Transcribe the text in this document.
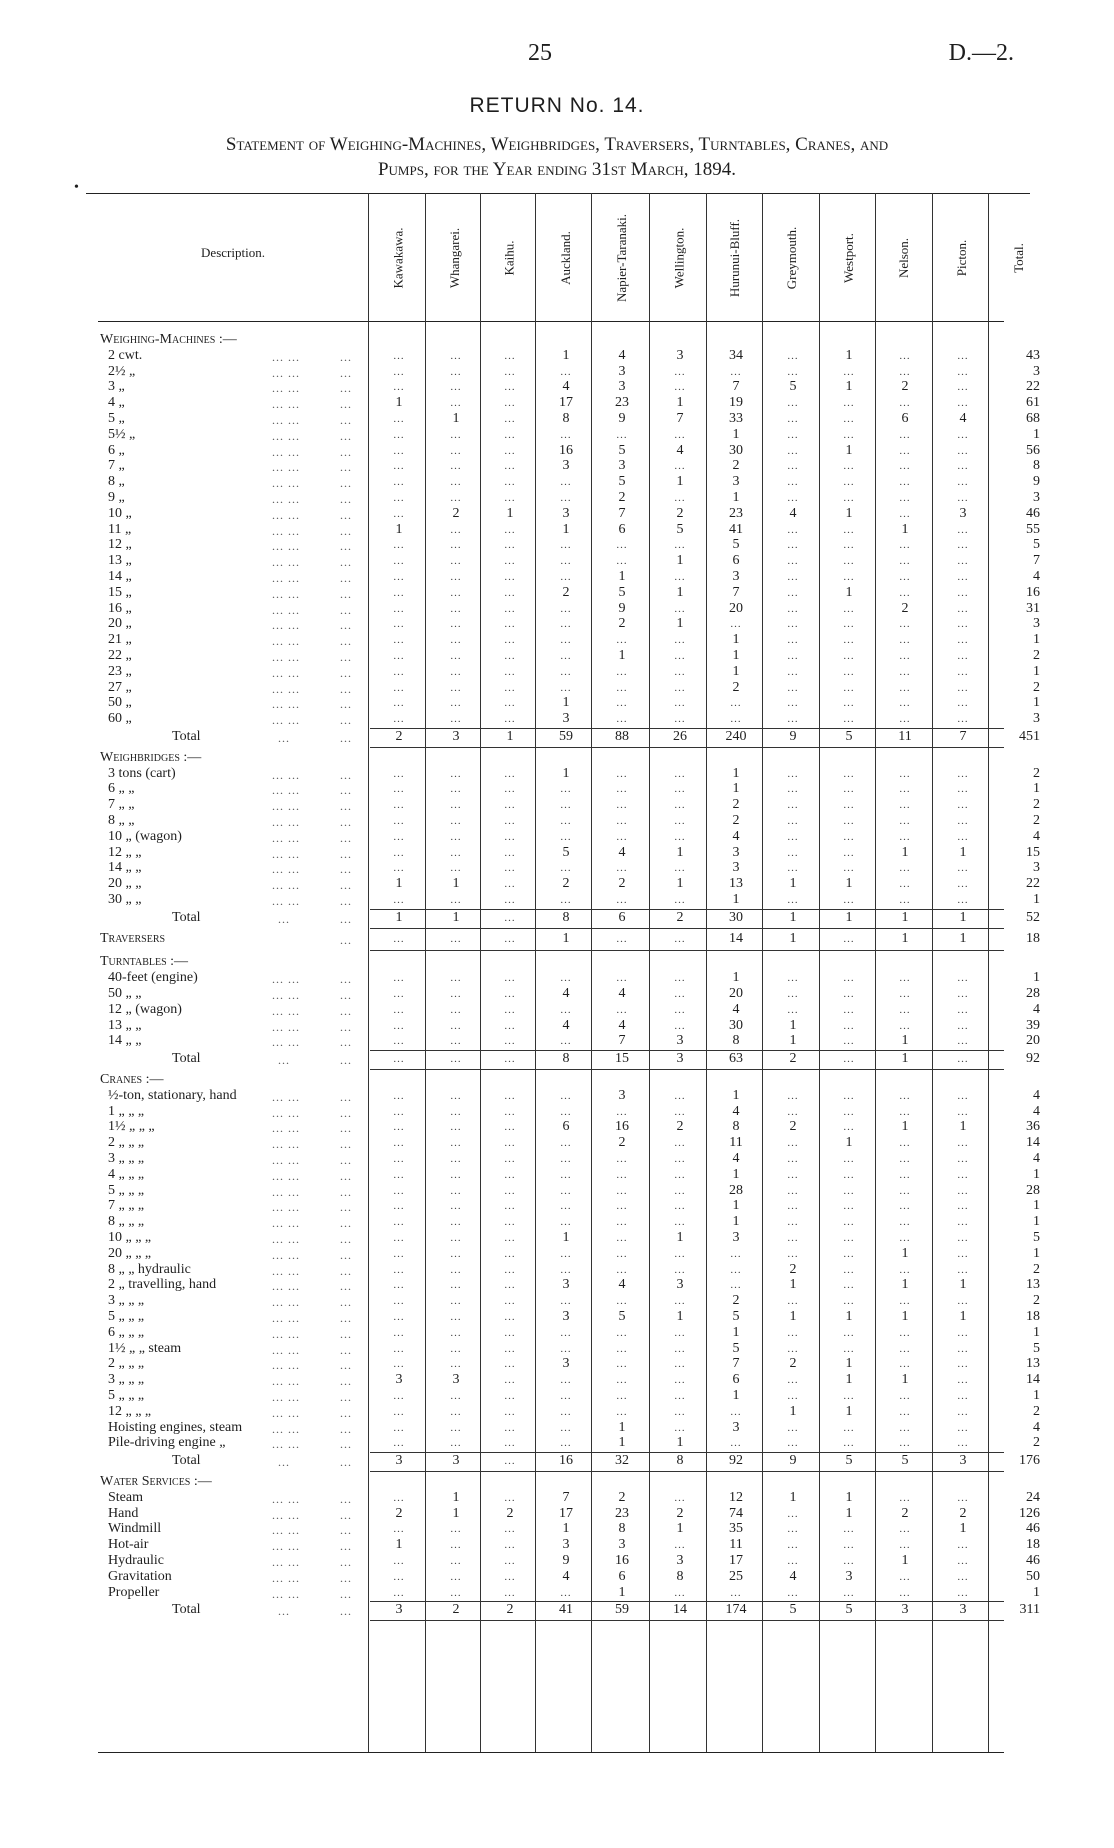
25	D.—2.
RETURN No. 14.
Statement of Weighing-Machines, Weighbridges, Traversers, Turntables, Cranes, and
Pumps, for the Year ending 31st March, 1894.
•
Description.	Kawakawa.	Whangarei.	Kaihu.	Auckland.	Napier-Taranaki.	Wellington.	Hurunui-Bluff.	Greymouth.	Westport.	Nelson.	Picton.	Total.
Weighing-Machines :—
2 cwt.	... ...	...	...	...	...	1	4	3	34	...	1	...	...	43
2½ „	... ...	...	...	...	...	...	3	...	...	...	...	...	...	3
3 „	... ...	...	...	...	...	4	3	...	7	5	1	2	...	22
4 „	... ...	...	1	...	...	17	23	1	19	...	...	...	...	61
5 „	... ...	...	...	1	...	8	9	7	33	...	...	6	4	68
5½ „	... ...	...	...	...	...	...	...	...	1	...	...	...	...	1
6 „	... ...	...	...	...	...	16	5	4	30	...	1	...	...	56
7 „	... ...	...	...	...	...	3	3	...	2	...	...	...	...	8
8 „	... ...	...	...	...	...	...	5	1	3	...	...	...	...	9
9 „	... ...	...	...	...	...	...	2	...	1	...	...	...	...	3
10 „	... ...	...	...	2	1	3	7	2	23	4	1	...	3	46
11 „	... ...	...	1	...	...	1	6	5	41	...	...	1	...	55
12 „	... ...	...	...	...	...	...	...	...	5	...	...	...	...	5
13 „	... ...	...	...	...	...	...	...	1	6	...	...	...	...	7
14 „	... ...	...	...	...	...	...	1	...	3	...	...	...	...	4
15 „	... ...	...	...	...	...	2	5	1	7	...	1	...	...	16
16 „	... ...	...	...	...	...	...	9	...	20	...	...	2	...	31
20 „	... ...	...	...	...	...	...	2	1	...	...	...	...	...	3
21 „	... ...	...	...	...	...	...	...	...	1	...	...	...	...	1
22 „	... ...	...	...	...	...	...	1	...	1	...	...	...	...	2
23 „	... ...	...	...	...	...	...	...	...	1	...	...	...	...	1
27 „	... ...	...	...	...	...	...	...	...	2	...	...	...	...	2
50 „	... ...	...	...	...	...	1	...	...	...	...	...	...	...	1
60 „	... ...	...	...	...	...	3	...	...	...	...	...	...	...	3
Total	...	...	2	3	1	59	88	26	240	9	5	11	7	451
Weighbridges :—
3 tons (cart)	... ...	...	...	...	...	1	...	...	1	...	...	...	...	2
6 „ „	... ...	...	...	...	...	...	...	...	1	...	...	...	...	1
7 „ „	... ...	...	...	...	...	...	...	...	2	...	...	...	...	2
8 „ „	... ...	...	...	...	...	...	...	...	2	...	...	...	...	2
10 „ (wagon)	... ...	...	...	...	...	...	...	...	4	...	...	...	...	4
12 „ „	... ...	...	...	...	...	5	4	1	3	...	...	1	1	15
14 „ „	... ...	...	...	...	...	...	...	...	3	...	...	...	...	3
20 „ „	... ...	...	1	1	...	2	2	1	13	1	1	...	...	22
30 „ „	... ...	...	...	...	...	...	...	...	1	...	...	...	...	1
Total	...	...	1	1	...	8	6	2	30	1	1	1	1	52
Traversers	...	...	...	...	1	...	...	14	1	...	1	1	18
Turntables :—
40-feet (engine)	... ...	...	...	...	...	...	...	...	1	...	...	...	...	1
50 „ „	... ...	...	...	...	...	4	4	...	20	...	...	...	...	28
12 „ (wagon)	... ...	...	...	...	...	...	...	...	4	...	...	...	...	4
13 „ „	... ...	...	...	...	...	4	4	...	30	1	...	...	...	39
14 „ „	... ...	...	...	...	...	...	7	3	8	1	...	1	...	20
Total	...	...	...	...	...	8	15	3	63	2	...	1	...	92
Cranes :—
½-ton, stationary, hand	... ...	...	...	...	...	...	3	...	1	...	...	...	...	4
1 „ „ „	... ...	...	...	...	...	...	...	...	4	...	...	...	...	4
1½ „ „ „	... ...	...	...	...	...	6	16	2	8	2	...	1	1	36
2 „ „ „	... ...	...	...	...	...	...	2	...	11	...	1	...	...	14
3 „ „ „	... ...	...	...	...	...	...	...	...	4	...	...	...	...	4
4 „ „ „	... ...	...	...	...	...	...	...	...	1	...	...	...	...	1
5 „ „ „	... ...	...	...	...	...	...	...	...	28	...	...	...	...	28
7 „ „ „	... ...	...	...	...	...	...	...	...	1	...	...	...	...	1
8 „ „ „	... ...	...	...	...	...	...	...	...	1	...	...	...	...	1
10 „ „ „	... ...	...	...	...	...	1	...	1	3	...	...	...	...	5
20 „ „ „	... ...	...	...	...	...	...	...	...	...	...	...	1	...	1
8 „ „ hydraulic	... ...	...	...	...	...	...	...	...	...	2	...	...	...	2
2 „ travelling, hand	... ...	...	...	...	...	3	4	3	...	1	...	1	1	13
3 „ „ „	... ...	...	...	...	...	...	...	...	2	...	...	...	...	2
5 „ „ „	... ...	...	...	...	...	3	5	1	5	1	1	1	1	18
6 „ „ „	... ...	...	...	...	...	...	...	...	1	...	...	...	...	1
1½ „ „ steam	... ...	...	...	...	...	...	...	...	5	...	...	...	...	5
2 „ „ „	... ...	...	...	...	...	3	...	...	7	2	1	...	...	13
3 „ „ „	... ...	...	3	3	...	...	...	...	6	...	1	1	...	14
5 „ „ „	... ...	...	...	...	...	...	...	...	1	...	...	...	...	1
12 „ „ „	... ...	...	...	...	...	...	...	...	...	1	1	...	...	2
Hoisting engines, steam ... ...	...	...	...	...	...	1	...	3	...	...	...	...	4
Pile-driving engine „	... ...	...	...	...	...	...	1	1	...	...	...	...	...	2
Total	...	...	3	3	...	16	32	8	92	9	5	5	3	176
Water Services :—
Steam	... ...	...	...	1	...	7	2	...	12	1	1	...	...	24
Hand	... ...	...	2	1	2	17	23	2	74	...	1	2	2	126
Windmill	... ...	...	...	...	...	1	8	1	35	...	...	...	1	46
Hot-air	... ...	...	1	...	...	3	3	...	11	...	...	...	...	18
Hydraulic	... ...	...	...	...	...	9	16	3	17	...	...	1	...	46
Gravitation	... ...	...	...	...	...	4	6	8	25	4	3	...	...	50
Propeller	... ...	...	...	...	...	...	1	...	...	...	...	...	...	1
Total	...	...	3	2	2	41	59	14	174	5	5	3	3	311
